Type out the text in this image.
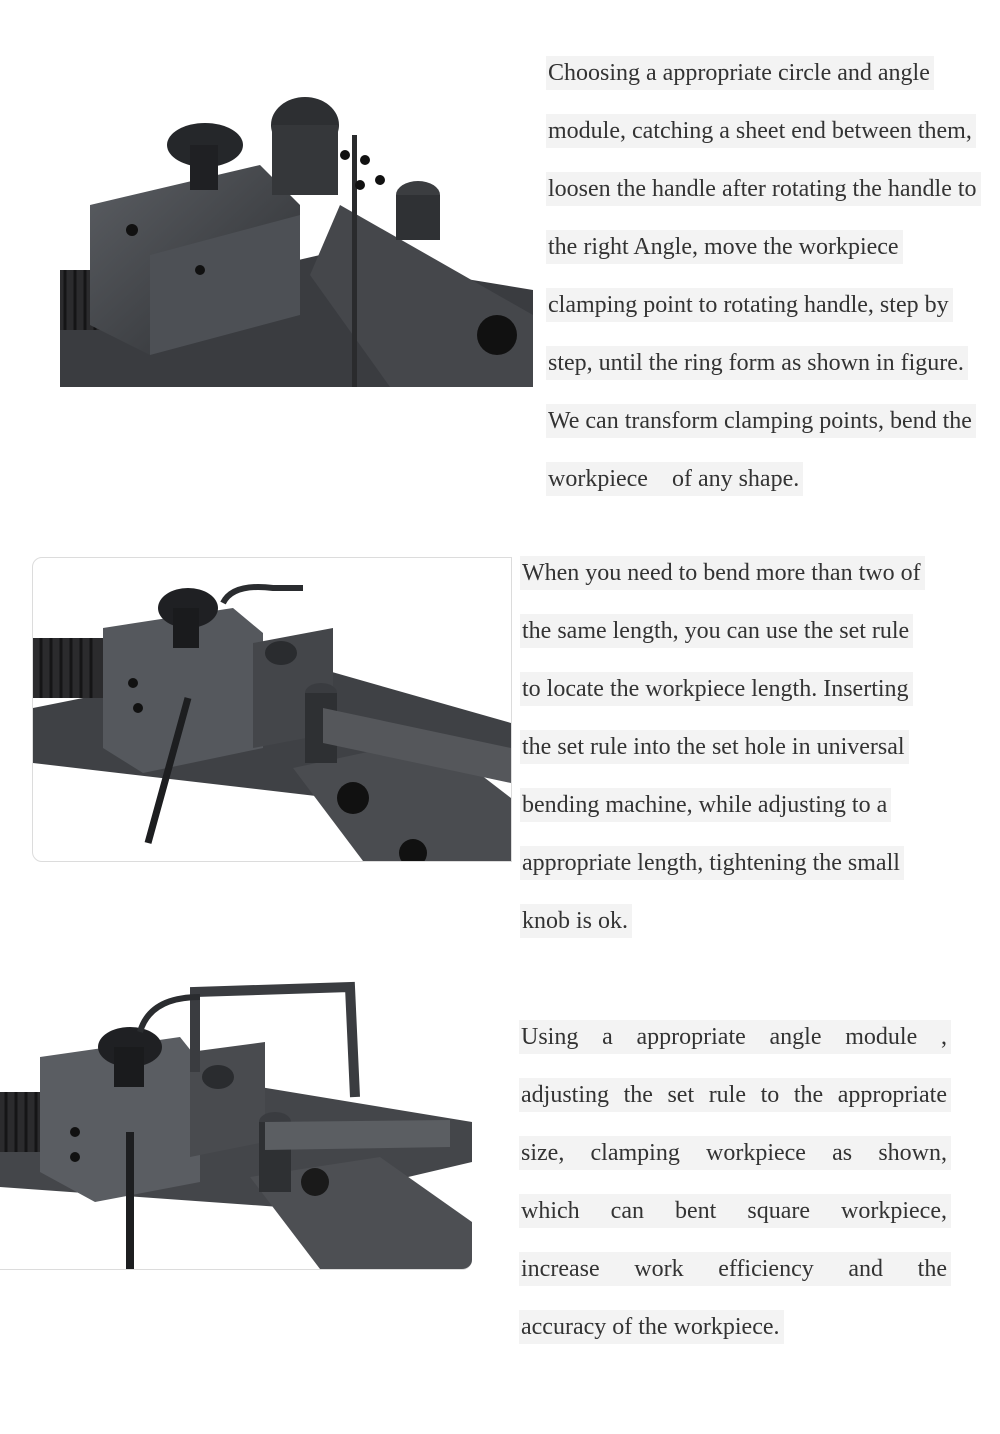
Choosing a appropriate circle and angle
module, catching a sheet end between them,
loosen the handle after rotating the handle to
the right Angle, move the workpiece
clamping point to rotating handle, step by
step, until the ring form as shown in figure.
We can transform clamping points, bend the
workpiece    of any shape.
When you need to bend more than two of
the same length, you can use the set rule
to locate the workpiece length. Inserting
the set rule into the set hole in universal
bending machine, while adjusting to a
appropriate length, tightening the small
knob is ok.
Using a appropriate angle module ,
adjusting the set rule to the appropriate
size, clamping workpiece as shown,
which can bent square workpiece,
increase work efficiency and the
accuracy of the workpiece.
